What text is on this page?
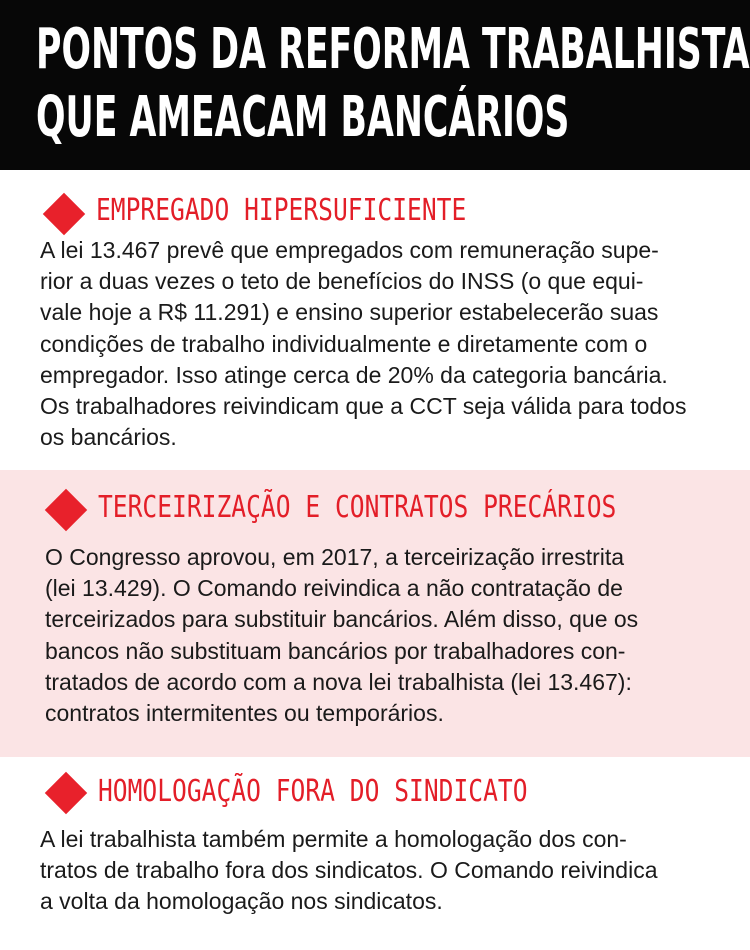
PONTOS DA REFORMA TRABALHISTA
QUE AMEACAM BANCÁRIOS
EMPREGADO HIPERSUFICIENTE
A lei 13.467 prevê que empregados com remuneração supe-
rior a duas vezes o teto de benefícios do INSS (o que equi-
vale hoje a R$ 11.291) e ensino superior estabelecerão suas
condições de trabalho individualmente e diretamente com o
empregador. Isso atinge cerca de 20% da categoria bancária.
Os trabalhadores reivindicam que a CCT seja válida para todos
os bancários.
TERCEIRIZAÇÃO E CONTRATOS PRECÁRIOS
O Congresso aprovou, em 2017, a terceirização irrestrita
(lei 13.429). O Comando reivindica a não contratação de
terceirizados para substituir bancários. Além disso, que os
bancos não substituam bancários por trabalhadores con-
tratados de acordo com a nova lei trabalhista (lei 13.467):
contratos intermitentes ou temporários.
HOMOLOGAÇÃO FORA DO SINDICATO
A lei trabalhista também permite a homologação dos con-
tratos de trabalho fora dos sindicatos. O Comando reivindica
a volta da homologação nos sindicatos.
